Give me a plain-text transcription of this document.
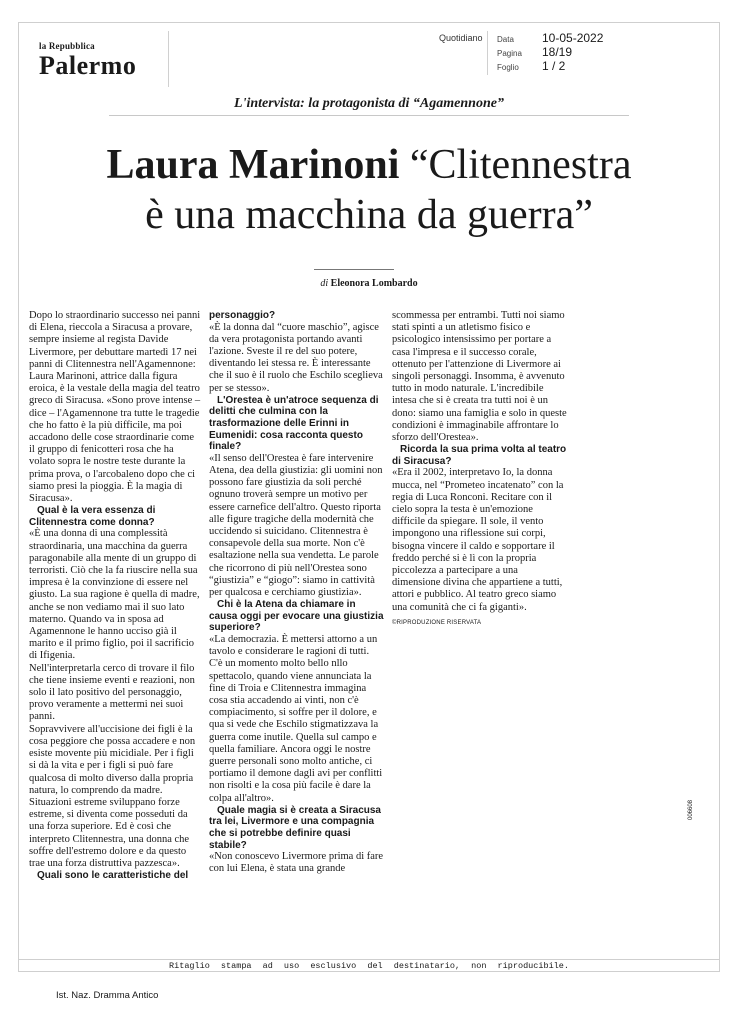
la Repubblica
Palermo
Quotidiano Data	10-05-2022
Pagina	18/19
Foglio	1 / 2
L'intervista: la protagonista di “Agamennone”
Laura Marinoni “Clitennestra
è una macchina da guerra”
di Eleonora Lombardo

Dopo lo straordinario successo nei panni di Elena, rieccola a Siracusa a provare, sempre insieme al regista Davide Livermore, per debuttare martedì 17 nei panni di Clitennestra nell'Agamennone: Laura Marinoni, attrice dalla figura eroica, è la vestale della magia del teatro greco di Siracusa. «Sono prove intense – dice – l'Agamennone tra tutte le tragedie che ho fatto è la più difficile, ma poi accadono delle cose straordinarie come il gruppo di fenicotteri rosa che ha volato sopra le nostre teste durante la prima prova, o l'arcobaleno dopo che ci siamo presi la pioggia. È la magia di Siracusa».

Qual è la vera essenza di Clitennestra come donna?

«È una donna di una complessità straordinaria, una macchina da guerra paragonabile alla mente di un gruppo di terroristi. Ciò che la fa riuscire nella sua impresa è la convinzione di essere nel giusto. La sua ragione è quella di madre, anche se non vediamo mai il suo lato materno. Quando va in sposa ad Agamennone le hanno ucciso già il marito e il primo figlio, poi il sacrificio di Ifigenia.

Nell'interpretarla cerco di trovare il filo che tiene insieme eventi e reazioni, non solo il lato positivo del personaggio, provo veramente a mettermi nei suoi panni.

Sopravvivere all'uccisione dei figli è la cosa peggiore che possa accadere e non esiste movente più micidiale. Per i figli si dà la vita e per i figli si può fare qualcosa di molto diverso dalla propria natura, lo comprendo da madre. Situazioni estreme sviluppano forze estreme, si diventa come posseduti da una forza superiore. Ed è così che interpreto Clitennestra, una donna che soffre dell'estremo dolore e da questo trae una forza distruttiva pazzesca».

Quali sono le caratteristiche del

personaggio?

«È la donna dal “cuore maschio”, agisce da vera protagonista portando avanti l'azione. Sveste il re del suo potere, diventando lei stessa re. È interessante che il suo è il ruolo che Eschilo sceglieva per se stesso».

L'Orestea è un'atroce sequenza di delitti che culmina con la trasformazione delle Erinni in Eumenidi: cosa racconta questo finale?

«Il senso dell'Orestea è fare intervenire Atena, dea della giustizia: gli uomini non possono fare giustizia da soli perché ognuno troverà sempre un motivo per essere carnefice dell'altro. Questo riporta alle figure tragiche della modernità che uccidendo si suicidano. Clitennestra è consapevole della sua morte. Non c'è esaltazione nella sua vendetta. Le parole che ricorrono di più nell'Orestea sono “giustizia” e “giogo”: siamo in cattività per qualcosa e cerchiamo giustizia».

Chi è la Atena da chiamare in causa oggi per evocare una giustizia superiore?

«La democrazia. È mettersi attorno a un tavolo e considerare le ragioni di tutti. C'è un momento molto bello nllo spettacolo, quando viene annunciata la fine di Troia e Clitennestra immagina cosa stia accadendo ai vinti, non c'è compiacimento, si soffre per il dolore, e qua si vede che Eschilo stigmatizzava la guerra come inutile. Quella sul campo e quella familiare. Ancora oggi le nostre guerre personali sono molto antiche, ci portiamo il demone dagli avi per conflitti non risolti e la cosa più facile è dare la colpa all'altro».

Quale magia si è creata a Siracusa tra lei, Livermore e una compagnia che si potrebbe definire quasi stabile?

«Non conoscevo Livermore prima di fare con lui Elena, è stata una grande

scommessa per entrambi. Tutti noi siamo stati spinti a un atletismo fisico e psicologico intensissimo per portare a casa l'impresa e il successo corale, ottenuto per l'attenzione di Livermore ai singoli personaggi. Insomma, è avvenuto tutto in modo naturale. L'incredibile intesa che si è creata tra tutti noi è un dono: siamo una famiglia e solo in queste condizioni è immaginabile affrontare lo sforzo dell'Orestea».

Ricorda la sua prima volta al teatro di Siracusa?

«Era il 2002, interpretavo Io, la donna mucca, nel “Prometeo incatenato” con la regia di Luca Ronconi. Recitare con il cielo sopra la testa è un'emozione difficile da spiegare. Il sole, il vento impongono una riflessione sui corpi, bisogna vincere il caldo e sopportare il freddo perché si è lì con la propria piccolezza a partecipare a una dimensione divina che appartiene a tutti, attori e pubblico. Al teatro greco siamo una comunità che ci fa giganti».

©RIPRODUZIONE RISERVATA

006608
Ritaglio stampa ad uso esclusivo del destinatario, non riproducibile.
Ist. Naz. Dramma Antico
